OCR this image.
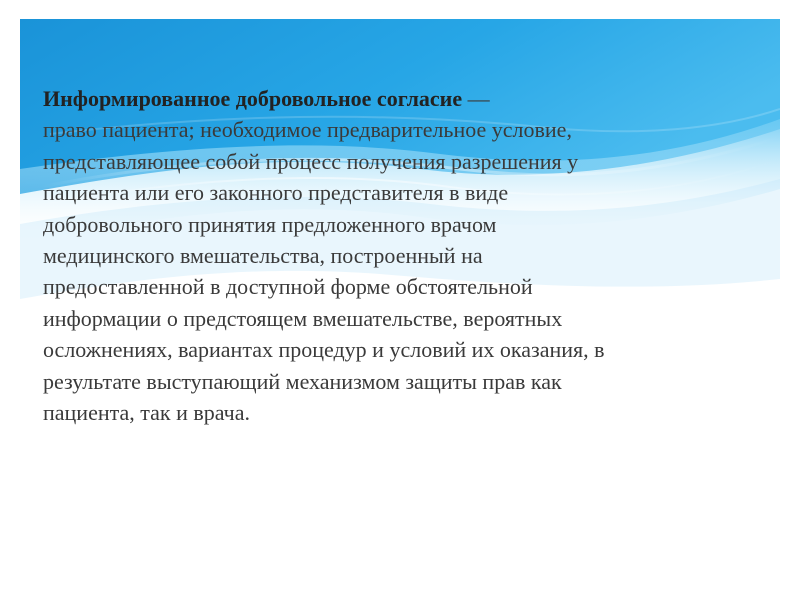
Информированное добровольное согласие —
право пациента; необходимое предварительное условие,
представляющее собой процесс получения разрешения у
пациента или его законного представителя в виде
добровольного принятия предложенного врачом
медицинского вмешательства, построенный на
предоставленной в доступной форме обстоятельной
информации о предстоящем вмешательстве, вероятных
осложнениях, вариантах процедур и условий их оказания, в
результате выступающий механизмом защиты прав как
пациента, так и врача.
